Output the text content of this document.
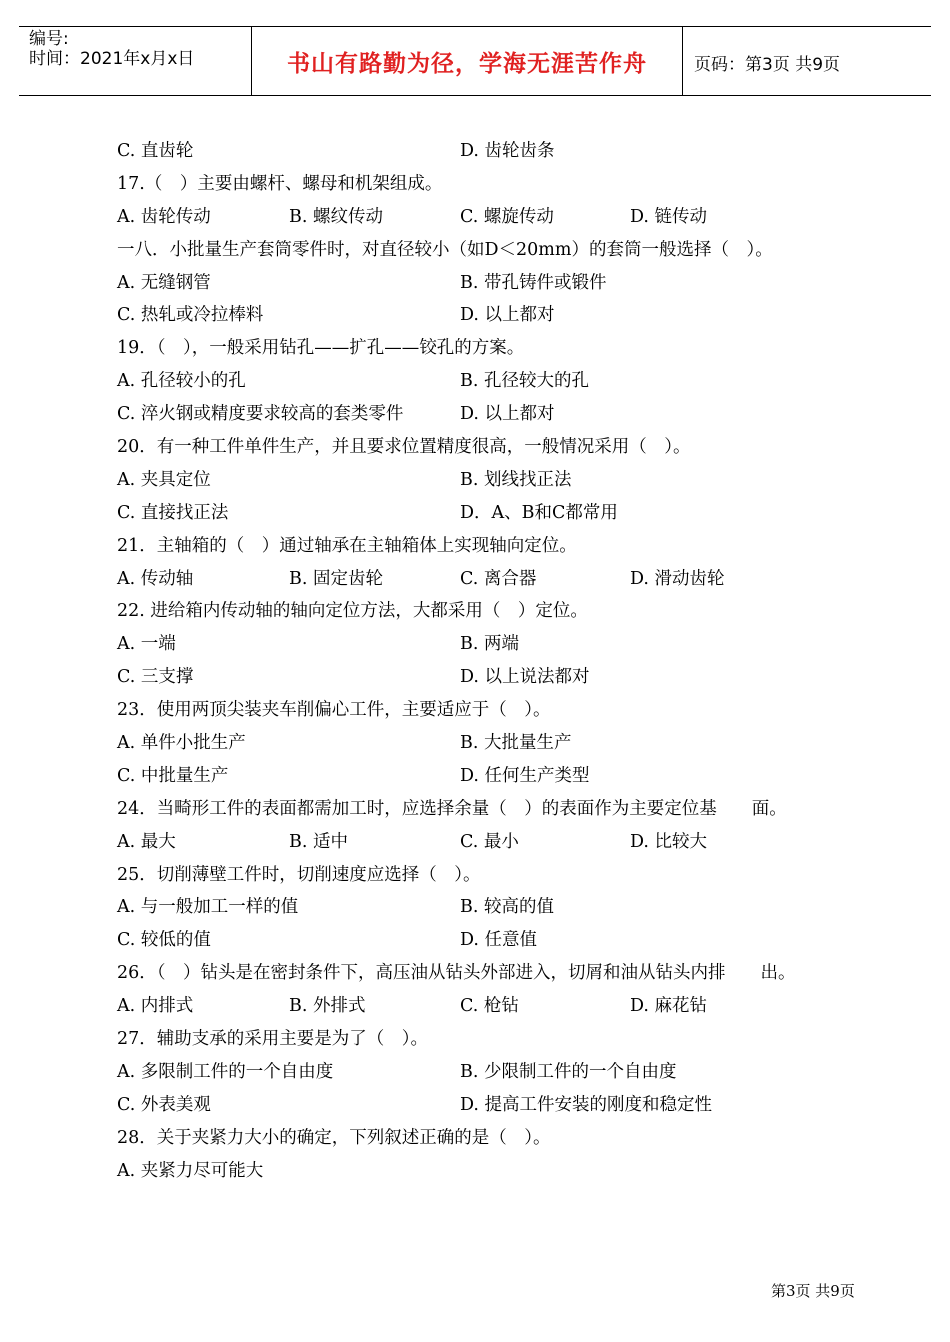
编号:
时间：2021年x月x日	书山有路勤为径，学海无涯苦作舟	页码：第3页 共9页
C. 直齿轮	D. 齿轮齿条
17.（　）主要由螺杆、螺母和机架组成。
A. 齿轮传动	B. 螺纹传动	C. 螺旋传动	D. 链传动
一八．小批量生产套筒零件时，对直径较小（如D＜20mm）的套筒一般选择（　）。
A. 无缝钢管	B. 带孔铸件或锻件
C. 热轧或冷拉棒料	D. 以上都对
19．（　），一般采用钻孔——扩孔——铰孔的方案。
A. 孔径较小的孔	B. 孔径较大的孔
C. 淬火钢或精度要求较高的套类零件	D. 以上都对
20．有一种工件单件生产，并且要求位置精度很高，一般情况采用（　）。
A. 夹具定位	B. 划线找正法
C. 直接找正法	D．A、B和C都常用
21．主轴箱的（　）通过轴承在主轴箱体上实现轴向定位。
A. 传动轴	B. 固定齿轮	C. 离合器	D. 滑动齿轮
22. 进给箱内传动轴的轴向定位方法，大都采用（　）定位。
A. 一端	B. 两端
C. 三支撑	D. 以上说法都对
23．使用两顶尖装夹车削偏心工件，主要适应于（　）。
A. 单件小批生产	B. 大批量生产
C. 中批量生产	D. 任何生产类型
24．当畸形工件的表面都需加工时，应选择余量（　）的表面作为主要定位基　　面。
A. 最大	B. 适中	C. 最小	D. 比较大
25．切削薄壁工件时，切削速度应选择（　）。
A. 与一般加工一样的值	B. 较高的值
C. 较低的值	D. 任意值
26．（　）钻头是在密封条件下，高压油从钻头外部进入，切屑和油从钻头内排　　出。
A. 内排式	B. 外排式	C. 枪钻	D. 麻花钻
27．辅助支承的采用主要是为了（　）。
A. 多限制工件的一个自由度	B. 少限制工件的一个自由度
C. 外表美观	D. 提高工件安装的刚度和稳定性
28．关于夹紧力大小的确定，下列叙述正确的是（　）。
A. 夹紧力尽可能大
第3页 共9页
